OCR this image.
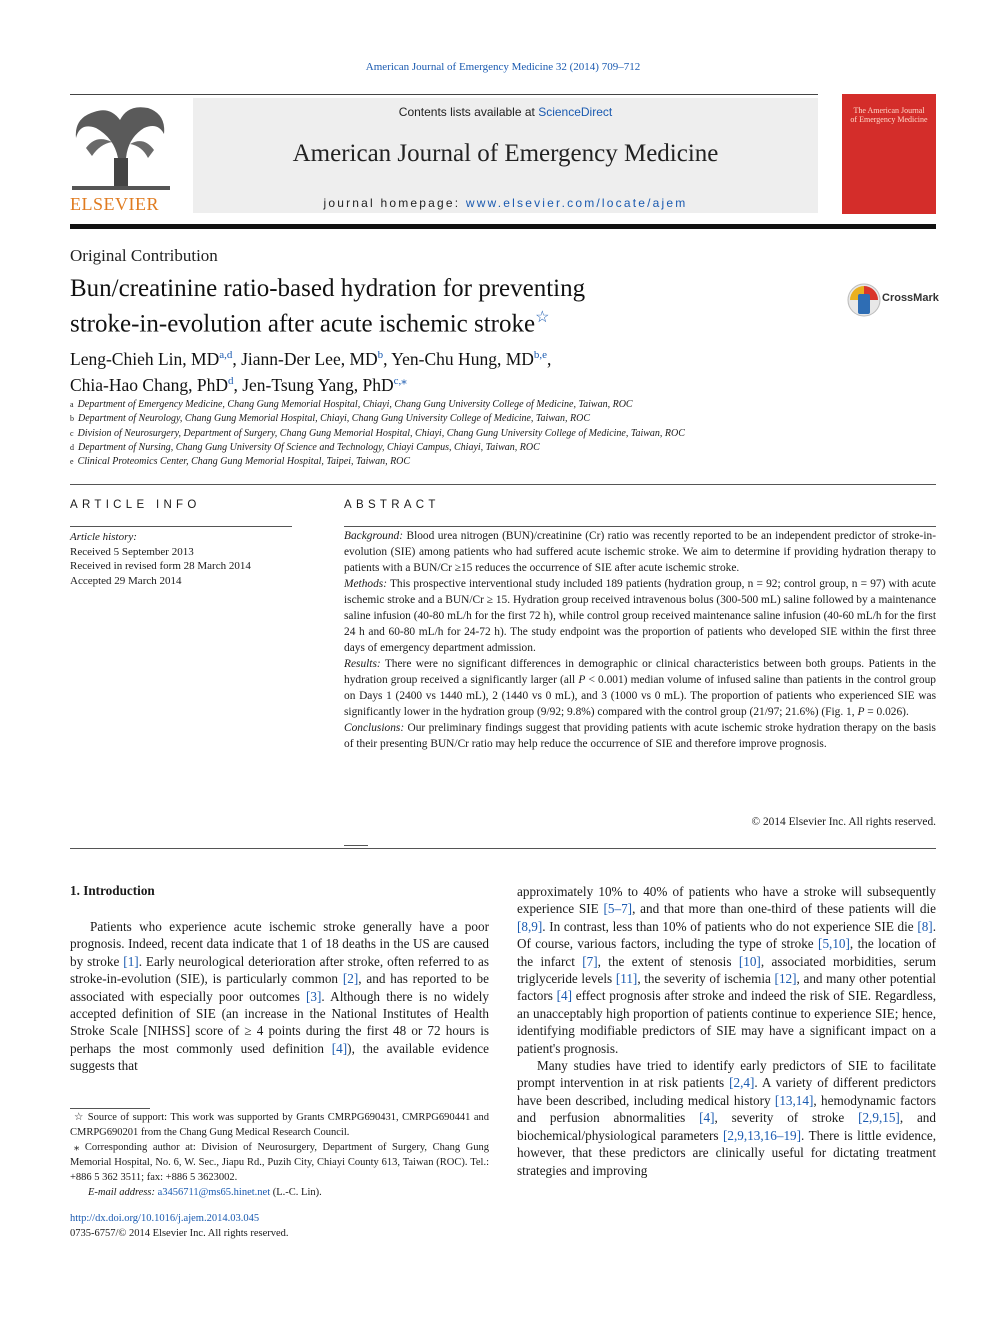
American Journal of Emergency Medicine 32 (2014) 709–712
ELSEVIER
Contents lists available at ScienceDirect
American Journal of Emergency Medicine
journal homepage: www.elsevier.com/locate/ajem
The American Journal of Emergency Medicine
Original Contribution
Bun/creatinine ratio-based hydration for preventing
stroke-in-evolution after acute ischemic stroke☆
CrossMark
Leng-Chieh Lin, MD$^{a,d}$, Jiann-Der Lee, $MD^b$, Yen-Chu Hung, MD$^{b,e}$,
Chia-Hao Chang, PhD$^d$, Jen-Tsung Yang, PhD$^{c,⁎}$
$^a$ Department of Emergency Medicine, Chang Gung Memorial Hospital, Chiayi, Chang Gung University College of Medicine, Taiwan, ROC
$^b$ Department of Neurology, Chang Gung Memorial Hospital, Chiayi, Chang Gung University College of Medicine, Taiwan, ROC
$^c$ Division of Neurosurgery, Department of Surgery, Chang Gung Memorial Hospital, Chiayi, Chang Gung University College of Medicine, Taiwan, ROC
$^d$ Department of Nursing, Chang Gung University Of Science and Technology, Chiayi Campus, Chiayi, Taiwan, ROC
$^e$ Clinical Proteomics Center, Chang Gung Memorial Hospital, Taipei, Taiwan, ROC
ARTICLE INFO	ABSTRACT
Article history:
Received 5 September 2013
Received in revised form 28 March 2014
Accepted 29 March 2014

Background: Blood urea nitrogen (BUN)/creatinine (Cr) ratio was recently reported to be an independent predictor of stroke-in-evolution (SIE) among patients who had suffered acute ischemic stroke. We aim to determine if providing hydration therapy to patients with a BUN/Cr ≥15 reduces the occurrence of SIE after acute ischemic stroke.

Methods: This prospective interventional study included 189 patients (hydration group, n = 92; control group, n = 97) with acute ischemic stroke and a BUN/Cr ≥ 15. Hydration group received intravenous bolus (300-500 mL) saline followed by a maintenance saline infusion (40-80 mL/h for the first 72 h), while control group received maintenance saline infusion (40-60 mL/h for the first 24 h and 60-80 mL/h for 24-72 h). The study endpoint was the proportion of patients who developed SIE within the first three days of emergency department admission.

Results: There were no significant differences in demographic or clinical characteristics between both groups. Patients in the hydration group received a significantly larger (all P < 0.001) median volume of infused saline than patients in the control group on Days 1 (2400 vs 1440 mL), 2 (1440 vs 0 mL), and 3 (1000 vs 0 mL). The proportion of patients who experienced SIE was significantly lower in the hydration group (9/92; 9.8%) compared with the control group (21/97; 21.6%) (Fig. 1, P = 0.026).

Conclusions: Our preliminary findings suggest that providing patients with acute ischemic stroke hydration therapy on the basis of their presenting BUN/Cr ratio may help reduce the occurrence of SIE and therefore improve prognosis.

© 2014 Elsevier Inc. All rights reserved.
1. Introduction

Patients who experience acute ischemic stroke generally have a poor prognosis. Indeed, recent data indicate that 1 of 18 deaths in the US are caused by stroke [1]. Early neurological deterioration after stroke, often referred to as stroke-in-evolution (SIE), is particularly common [2], and has reported to be associated with especially poor outcomes [3]. Although there is no widely accepted definition of SIE (an increase in the National Institutes of Health Stroke Scale [NIHSS] score of ≥ 4 points during the first 48 or 72 hours is perhaps the most commonly used definition [4]), the available evidence suggests that

approximately 10% to 40% of patients who have a stroke will subsequently experience SIE [5–7], and that more than one-third of these patients will die [8,9]. In contrast, less than 10% of patients who do not experience SIE die [8]. Of course, various factors, including the type of stroke [5,10], the location of the infarct [7], the extent of stenosis [10], associated morbidities, serum triglyceride levels [11], the severity of ischemia [12], and many other potential factors [4] effect prognosis after stroke and indeed the risk of SIE. Regardless, an unacceptably high proportion of patients continue to experience SIE; hence, identifying modifiable predictors of SIE may have a significant impact on a patient's prognosis.

Many studies have tried to identify early predictors of SIE to facilitate prompt intervention in at risk patients [2,4]. A variety of different predictors have been described, including medical history [13,14], hemodynamic factors and perfusion abnormalities [4], severity of stroke [2,9,15], and biochemical/physiological parameters [2,9,13,16–19]. There is little evidence, however, that these predictors are clinically useful for dictating treatment strategies and improving

☆ Source of support: This work was supported by Grants CMRPG690431, CMRPG690441 and CMRPG690201 from the Chang Gung Medical Research Council.

⁎ Corresponding author at: Division of Neurosurgery, Department of Surgery, Chang Gung Memorial Hospital, No. 6, W. Sec., Jiapu Rd., Puzih City, Chiayi County 613, Taiwan (ROC). Tel.: +886 5 362 3511; fax: +886 5 3623002.

E-mail address: a3456711@ms65.hinet.net (L.-C. Lin).

http://dx.doi.org/10.1016/j.ajem.2014.03.045
0735-6757/© 2014 Elsevier Inc. All rights reserved.
